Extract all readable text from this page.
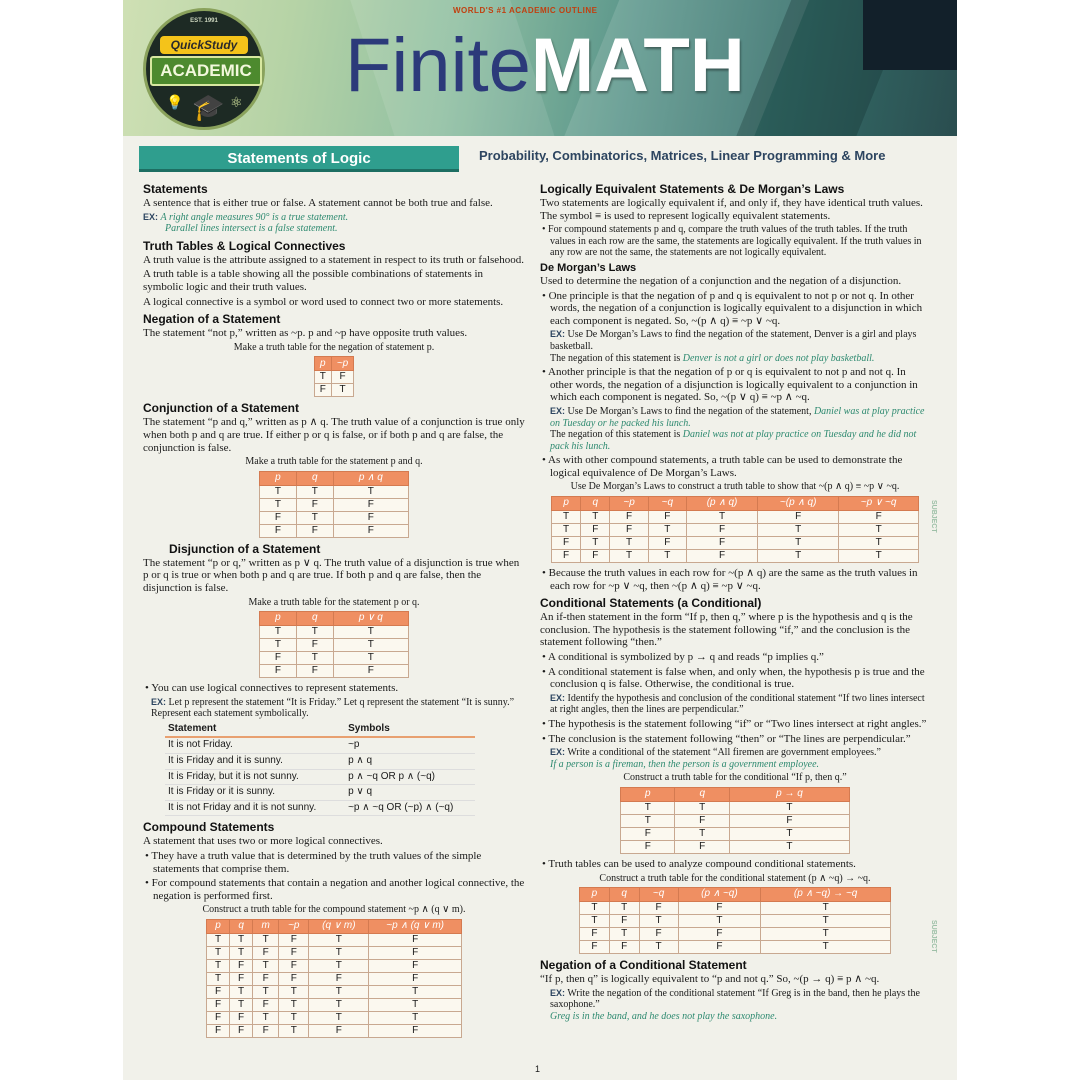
WORLD'S #1 ACADEMIC OUTLINE
EST. 1991
QuickStudy
ACADEMIC
💡 🎓 ⚛ FiniteMATH
Statements of Logic	Probability, Combinatorics, Matrices, Linear Programming & More
Statements

A sentence that is either true or false. A statement cannot be both true and false.

EX: A right angle measures 90° is a true statement.
Parallel lines intersect is a false statement.
Truth Tables & Logical Connectives

A truth value is the attribute assigned to a statement in respect to its truth or falsehood.

A truth table is a table showing all the possible combinations of statements in symbolic logic and their truth values.

A logical connective is a symbol or word used to connect two or more statements.

Negation of a Statement

The statement “not p,” written as ~p. p and ~p have opposite truth values.

Make a truth table for the negation of statement p.
p	~p
T	F
F	T
Conjunction of a Statement

The statement “p and q,” written as p ∧ q. The truth value of a conjunction is true only when both p and q are true. If either p or q is false, or if both p and q are false, the conjunction is false.

Make a truth table for the statement p and q.
p	q	p ∧ q
T	T	T
T	F	F
F	T	F
F	F	F
Disjunction of a Statement

The statement “p or q,” written as p ∨ q. The truth value of a disjunction is true when p or q is true or when both p and q are true. If both p and q are false, then the disjunction is false.

Make a truth table for the statement p or q.
p	q	p ∨ q
T	T	T
T	F	T
F	T	T
F	F	F

• You can use logical connectives to represent statements.

EX: Let p represent the statement “It is Friday.” Let q represent the statement “It is sunny.” Represent each statement symbolically.
Statement	Symbols
It is not Friday.	~p
It is Friday and it is sunny.	p ∧ q
It is Friday, but it is not sunny.	p ∧ ~q OR p ∧ (~q)
It is Friday or it is sunny.	p ∨ q
It is not Friday and it is not sunny.	~p ∧ ~q OR (~p) ∧ (~q)
Compound Statements

A statement that uses two or more logical connectives.

• They have a truth value that is determined by the truth values of the simple statements that comprise them.

• For compound statements that contain a negation and another logical connective, the negation is performed first.

Construct a truth table for the compound statement ~p ∧ (q ∨ m).
p	q	m	~p	(q ∨ m)	~p ∧ (q ∨ m)
T	T	T	F	T	F
T	T	F	F	T	F
T	F	T	F	T	F
T	F	F	F	F	F
F	T	T	T	T	T
F	T	F	T	T	T
F	F	T	T	T	T
F	F	F	T	F	F
Logically Equivalent Statements & De Morgan’s Laws

Two statements are logically equivalent if, and only if, they have identical truth values. The symbol ≡ is used to represent logically equivalent statements.

• For compound statements p and q, compare the truth values of the truth tables. If the truth values in each row are the same, the statements are logically equivalent. If the truth values in any row are not the same, the statements are not logically equivalent.

De Morgan’s Laws

Used to determine the negation of a conjunction and the negation of a disjunction.

• One principle is that the negation of p and q is equivalent to not p or not q. In other words, the negation of a conjunction is logically equivalent to a disjunction in which each component is negated. So, ~(p ∧ q) ≡ ~p ∨ ~q.

EX: Use De Morgan’s Laws to find the negation of the statement, Denver is a girl and plays basketball.
The negation of this statement is Denver is not a girl or does not play basketball.

• Another principle is that the negation of p or q is equivalent to not p and not q. In other words, the negation of a disjunction is logically equivalent to a conjunction in which each component is negated. So, ~(p ∨ q) ≡ ~p ∧ ~q.

EX: Use De Morgan’s Laws to find the negation of the statement, Daniel was at play practice on Tuesday or he packed his lunch.
The negation of this statement is Daniel was not at play practice on Tuesday and he did not pack his lunch.

• As with other compound statements, a truth table can be used to demonstrate the logical equivalence of De Morgan’s Laws.

Use De Morgan’s Laws to construct a truth table to show that ~(p ∧ q) ≡ ~p ∨ ~q.
p	q	~p	~q	(p ∧ q)	~(p ∧ q)	~p ∨ ~q
T	T	F	F	T	F	F
T	F	F	T	F	T	T
F	T	T	F	F	T	T
F	F	T	T	F	T	T

• Because the truth values in each row for ~(p ∧ q) are the same as the truth values in each row for ~p ∨ ~q, then ~(p ∧ q) ≡ ~p ∨ ~q.

Conditional Statements (a Conditional)

An if-then statement in the form “If p, then q,” where p is the hypothesis and q is the conclusion. The hypothesis is the statement following “if,” and the conclusion is the statement following “then.”

• A conditional is symbolized by p → q and reads “p implies q.”

• A conditional statement is false when, and only when, the hypothesis p is true and the conclusion q is false. Otherwise, the conditional is true.

EX: Identify the hypothesis and conclusion of the conditional statement “If two lines intersect at right angles, then the lines are perpendicular.”

• The hypothesis is the statement following “if” or “Two lines intersect at right angles.”

• The conclusion is the statement following “then” or “The lines are perpendicular.”

EX: Write a conditional of the statement “All firemen are government employees.”
If a person is a fireman, then the person is a government employee.
Construct a truth table for the conditional “If p, then q.”
p	q	p → q
T	T	T
T	F	F
F	T	T
F	F	T

• Truth tables can be used to analyze compound conditional statements.

Construct a truth table for the conditional statement (p ∧ ~q) → ~q.
p	q	~q	(p ∧ ~q)	(p ∧ ~q) → ~q
T	T	F	F	T
T	F	T	T	T
F	T	F	F	T
F	F	T	F	T
Negation of a Conditional Statement

“If p, then q” is logically equivalent to “p and not q.” So, ~(p → q) ≡ p ∧ ~q.

EX: Write the negation of the conditional statement “If Greg is in the band, then he plays the saxophone.”
Greg is in the band, and he does not play the saxophone.
SUBJECT
SUBJECT
1
